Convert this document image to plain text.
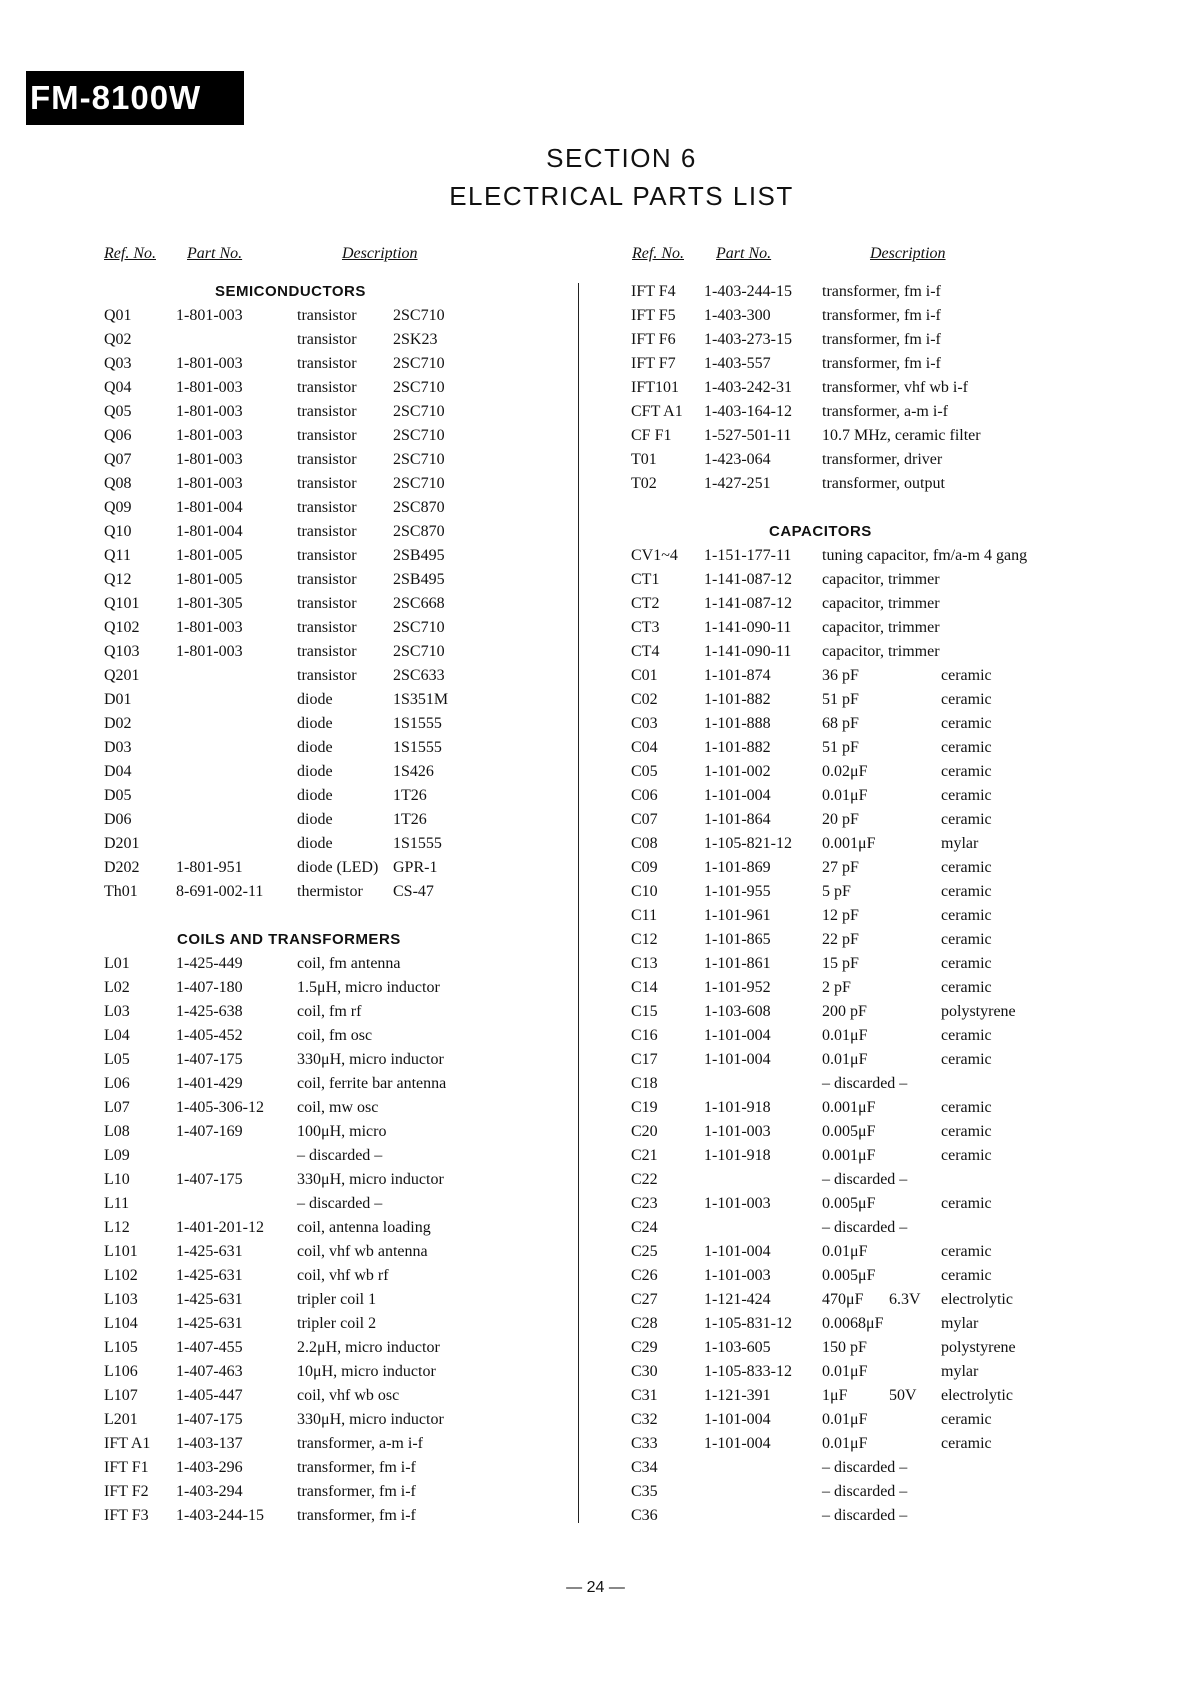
FM-8100W
SECTION 6
ELECTRICAL PARTS LIST
Ref. No. Part No.	Description	Ref. No. Part No.	Description
SEMICONDUCTORS
Q01	1-801-003	transistor 2SC710
Q02	transistor 2SK23
Q03	1-801-003	transistor 2SC710
Q04	1-801-003	transistor 2SC710
Q05	1-801-003	transistor 2SC710
Q06	1-801-003	transistor 2SC710
Q07	1-801-003	transistor 2SC710
Q08	1-801-003	transistor 2SC710
Q09	1-801-004	transistor 2SC870
Q10	1-801-004	transistor 2SC870
Q11	1-801-005	transistor 2SB495
Q12	1-801-005	transistor 2SB495
Q101 1-801-305	transistor 2SC668
Q102 1-801-003	transistor 2SC710
Q103 1-801-003	transistor 2SC710
Q201	transistor 2SC633
D01	diode	1S351M
D02	diode	1S1555
D03	diode	1S1555
D04	diode	1S426
D05	diode	1T26
D06	diode	1T26
D201	diode	1S1555
D202 1-801-951	diode (LED) GPR-1
Th01 8-691-002-11 thermistor CS-47
COILS AND TRANSFORMERS
L01	1-425-449	coil, fm antenna
L02	1-407-180	1.5μH, micro inductor
L03	1-425-638	coil, fm rf
L04	1-405-452	coil, fm osc
L05	1-407-175	330μH, micro inductor
L06	1-401-429	coil, ferrite bar antenna
L07	1-405-306-12 coil, mw osc
L08	1-407-169	100μH, micro
L09	– discarded –
L10	1-407-175	330μH, micro inductor
L11	– discarded –
L12	1-401-201-12 coil, antenna loading
L101 1-425-631	coil, vhf wb antenna
L102 1-425-631	coil, vhf wb rf
L103 1-425-631	tripler coil 1
L104 1-425-631	tripler coil 2
L105 1-407-455	2.2μH, micro inductor
L106 1-407-463	10μH, micro inductor
L107 1-405-447	coil, vhf wb osc
L201 1-407-175	330μH, micro inductor
IFT A1 1-403-137	transformer, a-m i-f
IFT F1 1-403-296	transformer, fm i-f
IFT F2 1-403-294	transformer, fm i-f
IFT F3 1-403-244-15 transformer, fm i-f
IFT F4 1-403-244-15 transformer, fm i-f
IFT F5 1-403-300	transformer, fm i-f
IFT F6 1-403-273-15 transformer, fm i-f
IFT F7 1-403-557	transformer, fm i-f
IFT101 1-403-242-31 transformer, vhf wb i-f
CFT A1 1-403-164-12 transformer, a-m i-f
CF F1 1-527-501-11 10.7 MHz, ceramic filter
T01	1-423-064	transformer, driver
T02	1-427-251	transformer, output
CAPACITORS
CV1~4 1-151-177-11 tuning capacitor, fm/a-m 4 gang
CT1	1-141-087-12 capacitor, trimmer
CT2	1-141-087-12 capacitor, trimmer
CT3	1-141-090-11 capacitor, trimmer
CT4	1-141-090-11 capacitor, trimmer
C01	1-101-874	36 pF	ceramic
C02	1-101-882	51 pF	ceramic
C03	1-101-888	68 pF	ceramic
C04	1-101-882	51 pF	ceramic
C05	1-101-002	0.02μF	ceramic
C06	1-101-004	0.01μF	ceramic
C07	1-101-864	20 pF	ceramic
C08	1-105-821-12 0.001μF	mylar
C09	1-101-869	27 pF	ceramic
C10	1-101-955	5 pF	ceramic
C11	1-101-961	12 pF	ceramic
C12	1-101-865	22 pF	ceramic
C13	1-101-861	15 pF	ceramic
C14	1-101-952	2 pF	ceramic
C15	1-103-608	200 pF	polystyrene
C16	1-101-004	0.01μF	ceramic
C17	1-101-004	0.01μF	ceramic
C18	– discarded –
C19	1-101-918	0.001μF	ceramic
C20	1-101-003	0.005μF	ceramic
C21	1-101-918	0.001μF	ceramic
C22	– discarded –
C23	1-101-003	0.005μF	ceramic
C24	– discarded –
C25	1-101-004	0.01μF	ceramic
C26	1-101-003	0.005μF	ceramic
C27	1-121-424	470μF 6.3V electrolytic
C28	1-105-831-12 0.0068μF	mylar
C29	1-103-605	150 pF	polystyrene
C30	1-105-833-12 0.01μF	mylar
C31	1-121-391	1μF	50V electrolytic
C32	1-101-004	0.01μF	ceramic
C33	1-101-004	0.01μF	ceramic
C34	– discarded –
C35	– discarded –
C36	– discarded –
— 24 —
